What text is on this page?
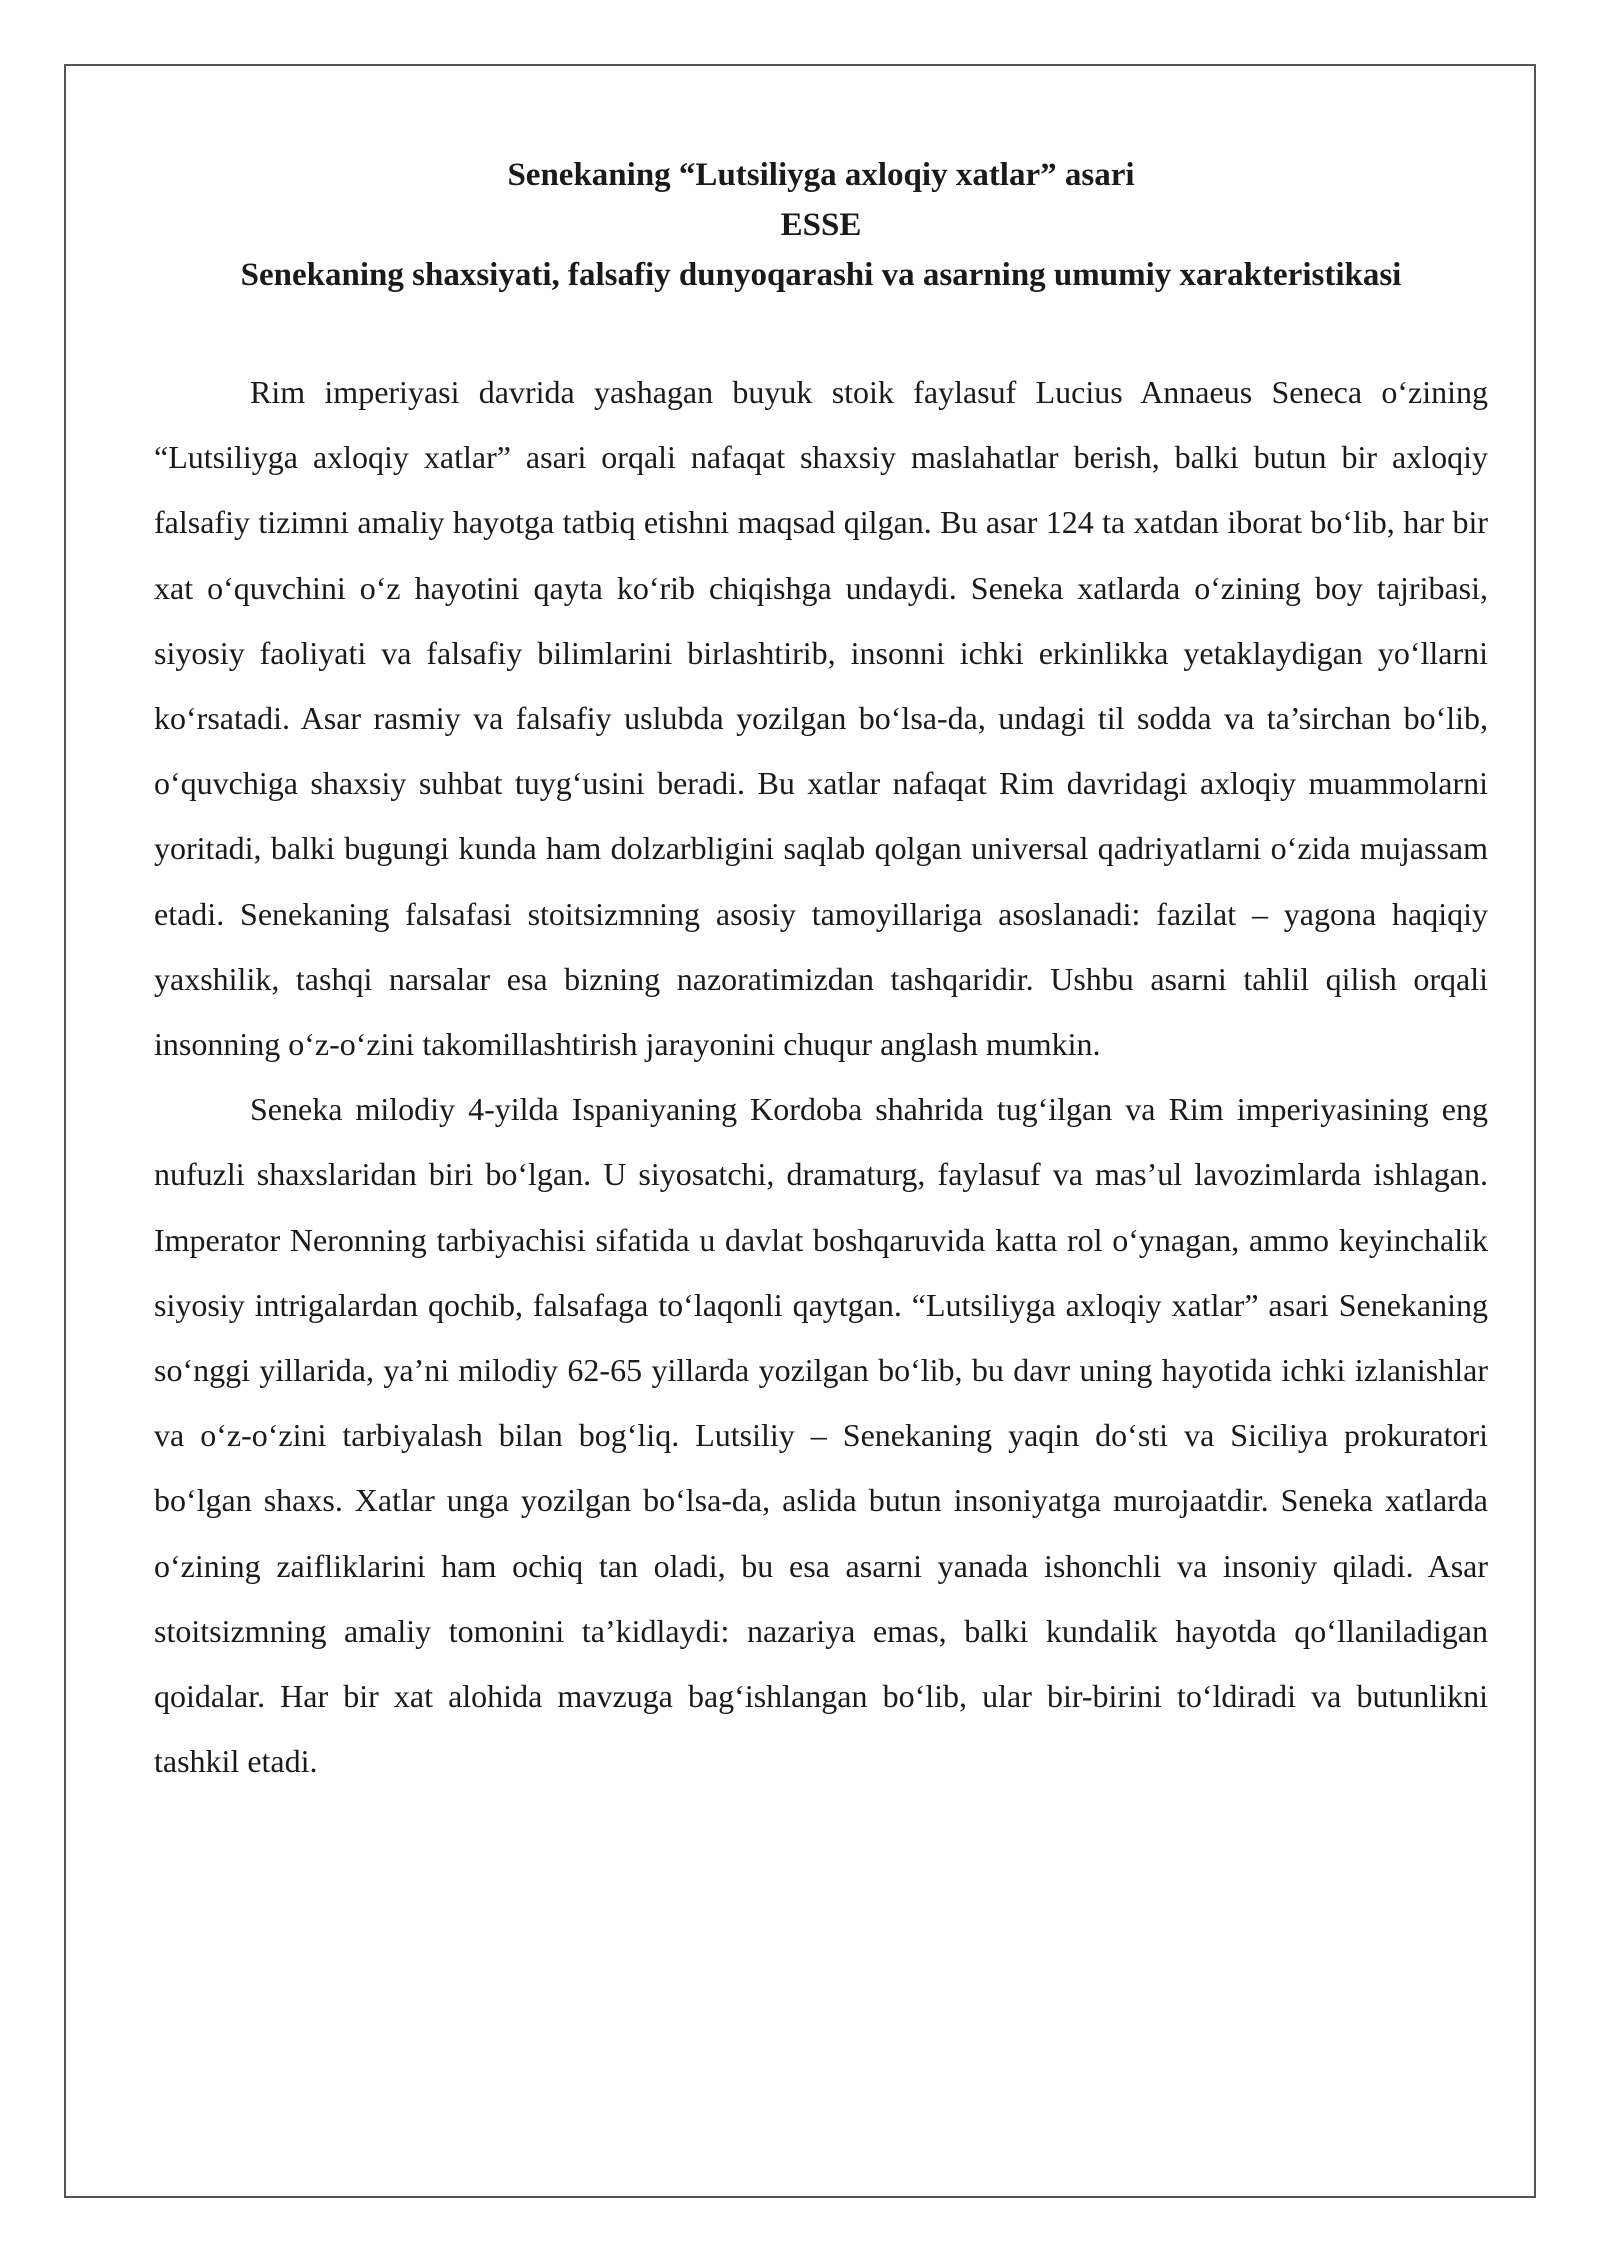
Senekaning “Lutsiliyga axloqiy xatlar” asari

ESSE

Senekaning shaxsiyati, falsafiy dunyoqarashi va asarning umumiy xarakteristikasi

Rim imperiyasi davrida yashagan buyuk stoik faylasuf Lucius Annaeus Seneca o‘zining “Lutsiliyga axloqiy xatlar” asari orqali nafaqat shaxsiy maslahatlar berish, balki butun bir axloqiy falsafiy tizimni amaliy hayotga tatbiq etishni maqsad qilgan. Bu asar 124 ta xatdan iborat bo‘lib, har bir xat o‘quvchini o‘z hayotini qayta ko‘rib chiqishga undaydi. Seneka xatlarda o‘zining boy tajribasi, siyosiy faoliyati va falsafiy bilimlarini birlashtirib, insonni ichki erkinlikka yetaklaydigan yo‘llarni ko‘rsatadi. Asar rasmiy va falsafiy uslubda yozilgan bo‘lsa-da, undagi til sodda va ta’sirchan bo‘lib, o‘quvchiga shaxsiy suhbat tuyg‘usini beradi. Bu xatlar nafaqat Rim davridagi axloqiy muammolarni yoritadi, balki bugungi kunda ham dolzarbligini saqlab qolgan universal qadriyatlarni o‘zida mujassam etadi. Senekaning falsafasi stoitsizmning asosiy tamoyillariga asoslanadi: fazilat – yagona haqiqiy yaxshilik, tashqi narsalar esa bizning nazoratimizdan tashqaridir. Ushbu asarni tahlil qilish orqali insonning o‘z-o‘zini takomillashtirish jarayonini chuqur anglash mumkin.

Seneka milodiy 4-yilda Ispaniyaning Kordoba shahrida tug‘ilgan va Rim imperiyasining eng nufuzli shaxslaridan biri bo‘lgan. U siyosatchi, dramaturg, faylasuf va mas’ul lavozimlarda ishlagan. Imperator Neronning tarbiyachisi sifatida u davlat boshqaruvida katta rol o‘ynagan, ammo keyinchalik siyosiy intrigalardan qochib, falsafaga to‘laqonli qaytgan. “Lutsiliyga axloqiy xatlar” asari Senekaning so‘nggi yillarida, ya’ni milodiy 62-65 yillarda yozilgan bo‘lib, bu davr uning hayotida ichki izlanishlar va o‘z-o‘zini tarbiyalash bilan bog‘liq. Lutsiliy – Senekaning yaqin do‘sti va Siciliya prokuratori bo‘lgan shaxs. Xatlar unga yozilgan bo‘lsa-da, aslida butun insoniyatga murojaatdir. Seneka xatlarda o‘zining zaifliklarini ham ochiq tan oladi, bu esa asarni yanada ishonchli va insoniy qiladi. Asar stoitsizmning amaliy tomonini ta’kidlaydi: nazariya emas, balki kundalik hayotda qo‘llaniladigan qoidalar. Har bir xat alohida mavzuga bag‘ishlangan bo‘lib, ular bir-birini to‘ldiradi va butunlikni tashkil etadi.
